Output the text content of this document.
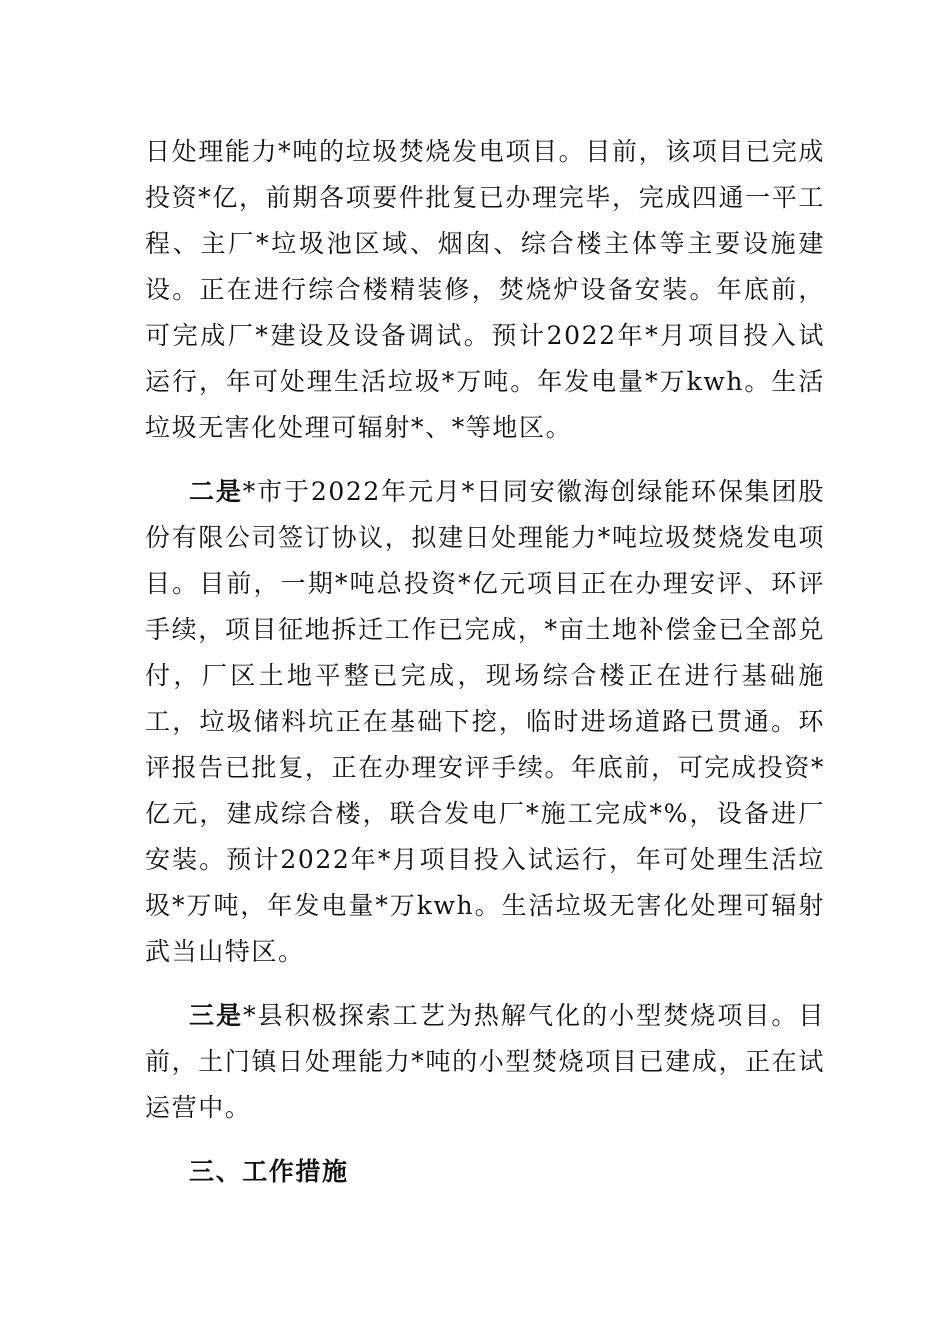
日处理能力*吨的垃圾焚烧发电项目。目前，该项目已完成投资*亿，前期各项要件批复已办理完毕，完成四通一平工程、主厂*垃圾池区域、烟囱、综合楼主体等主要设施建设。正在进行综合楼精装修，焚烧炉设备安装。年底前，可完成厂*建设及设备调试。预计2022年*月项目投入试运行，年可处理生活垃圾*万吨。年发电量*万kwh。生活垃圾无害化处理可辐射*、*等地区。

二是*市于2022年元月*日同安徽海创绿能环保集团股份有限公司签订协议，拟建日处理能力*吨垃圾焚烧发电项目。目前，一期*吨总投资*亿元项目正在办理安评、环评手续，项目征地拆迁工作已完成，*亩土地补偿金已全部兑付，厂区土地平整已完成，现场综合楼正在进行基础施工，垃圾储料坑正在基础下挖，临时进场道路已贯通。环评报告已批复，正在办理安评手续。年底前，可完成投资*亿元，建成综合楼，联合发电厂*施工完成*%，设备进厂安装。预计2022年*月项目投入试运行，年可处理生活垃圾*万吨，年发电量*万kwh。生活垃圾无害化处理可辐射武当山特区。

三是*县积极探索工艺为热解气化的小型焚烧项目。目前，土门镇日处理能力*吨的小型焚烧项目已建成，正在试运营中。

三、工作措施
